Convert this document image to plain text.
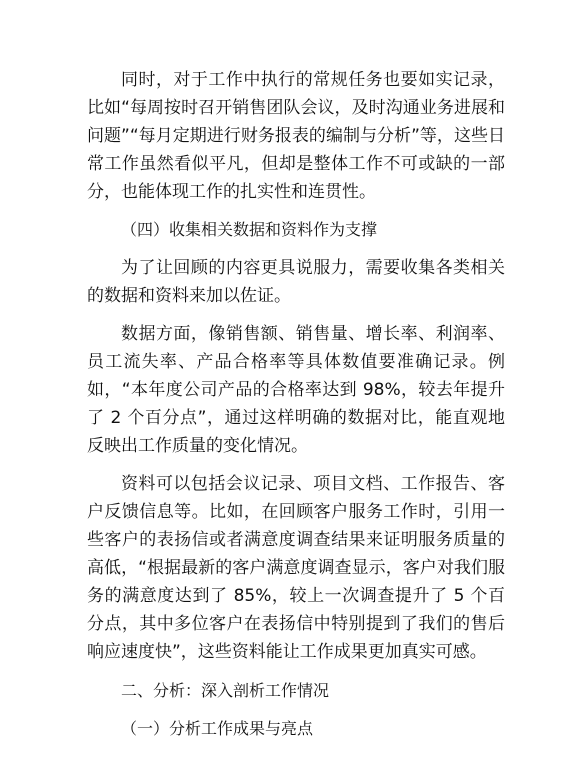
同时，对于工作中执行的常规任务也要如实记录，比如“每周按时召开销售团队会议，及时沟通业务进展和问题”“每月定期进行财务报表的编制与分析”等，这些日常工作虽然看似平凡，但却是整体工作不可或缺的一部分，也能体现工作的扎实性和连贯性。

（四）收集相关数据和资料作为支撑

为了让回顾的内容更具说服力，需要收集各类相关的数据和资料来加以佐证。

数据方面，像销售额、销售量、增长率、利润率、员工流失率、产品合格率等具体数值要准确记录。例如，“本年度公司产品的合格率达到 98%，较去年提升了 2 个百分点”，通过这样明确的数据对比，能直观地反映出工作质量的变化情况。

资料可以包括会议记录、项目文档、工作报告、客户反馈信息等。比如，在回顾客户服务工作时，引用一些客户的表扬信或者满意度调查结果来证明服务质量的高低，“根据最新的客户满意度调查显示，客户对我们服务的满意度达到了 85%，较上一次调查提升了 5 个百分点，其中多位客户在表扬信中特别提到了我们的售后响应速度快”，这些资料能让工作成果更加真实可感。

二、分析：深入剖析工作情况

（一）分析工作成果与亮点
